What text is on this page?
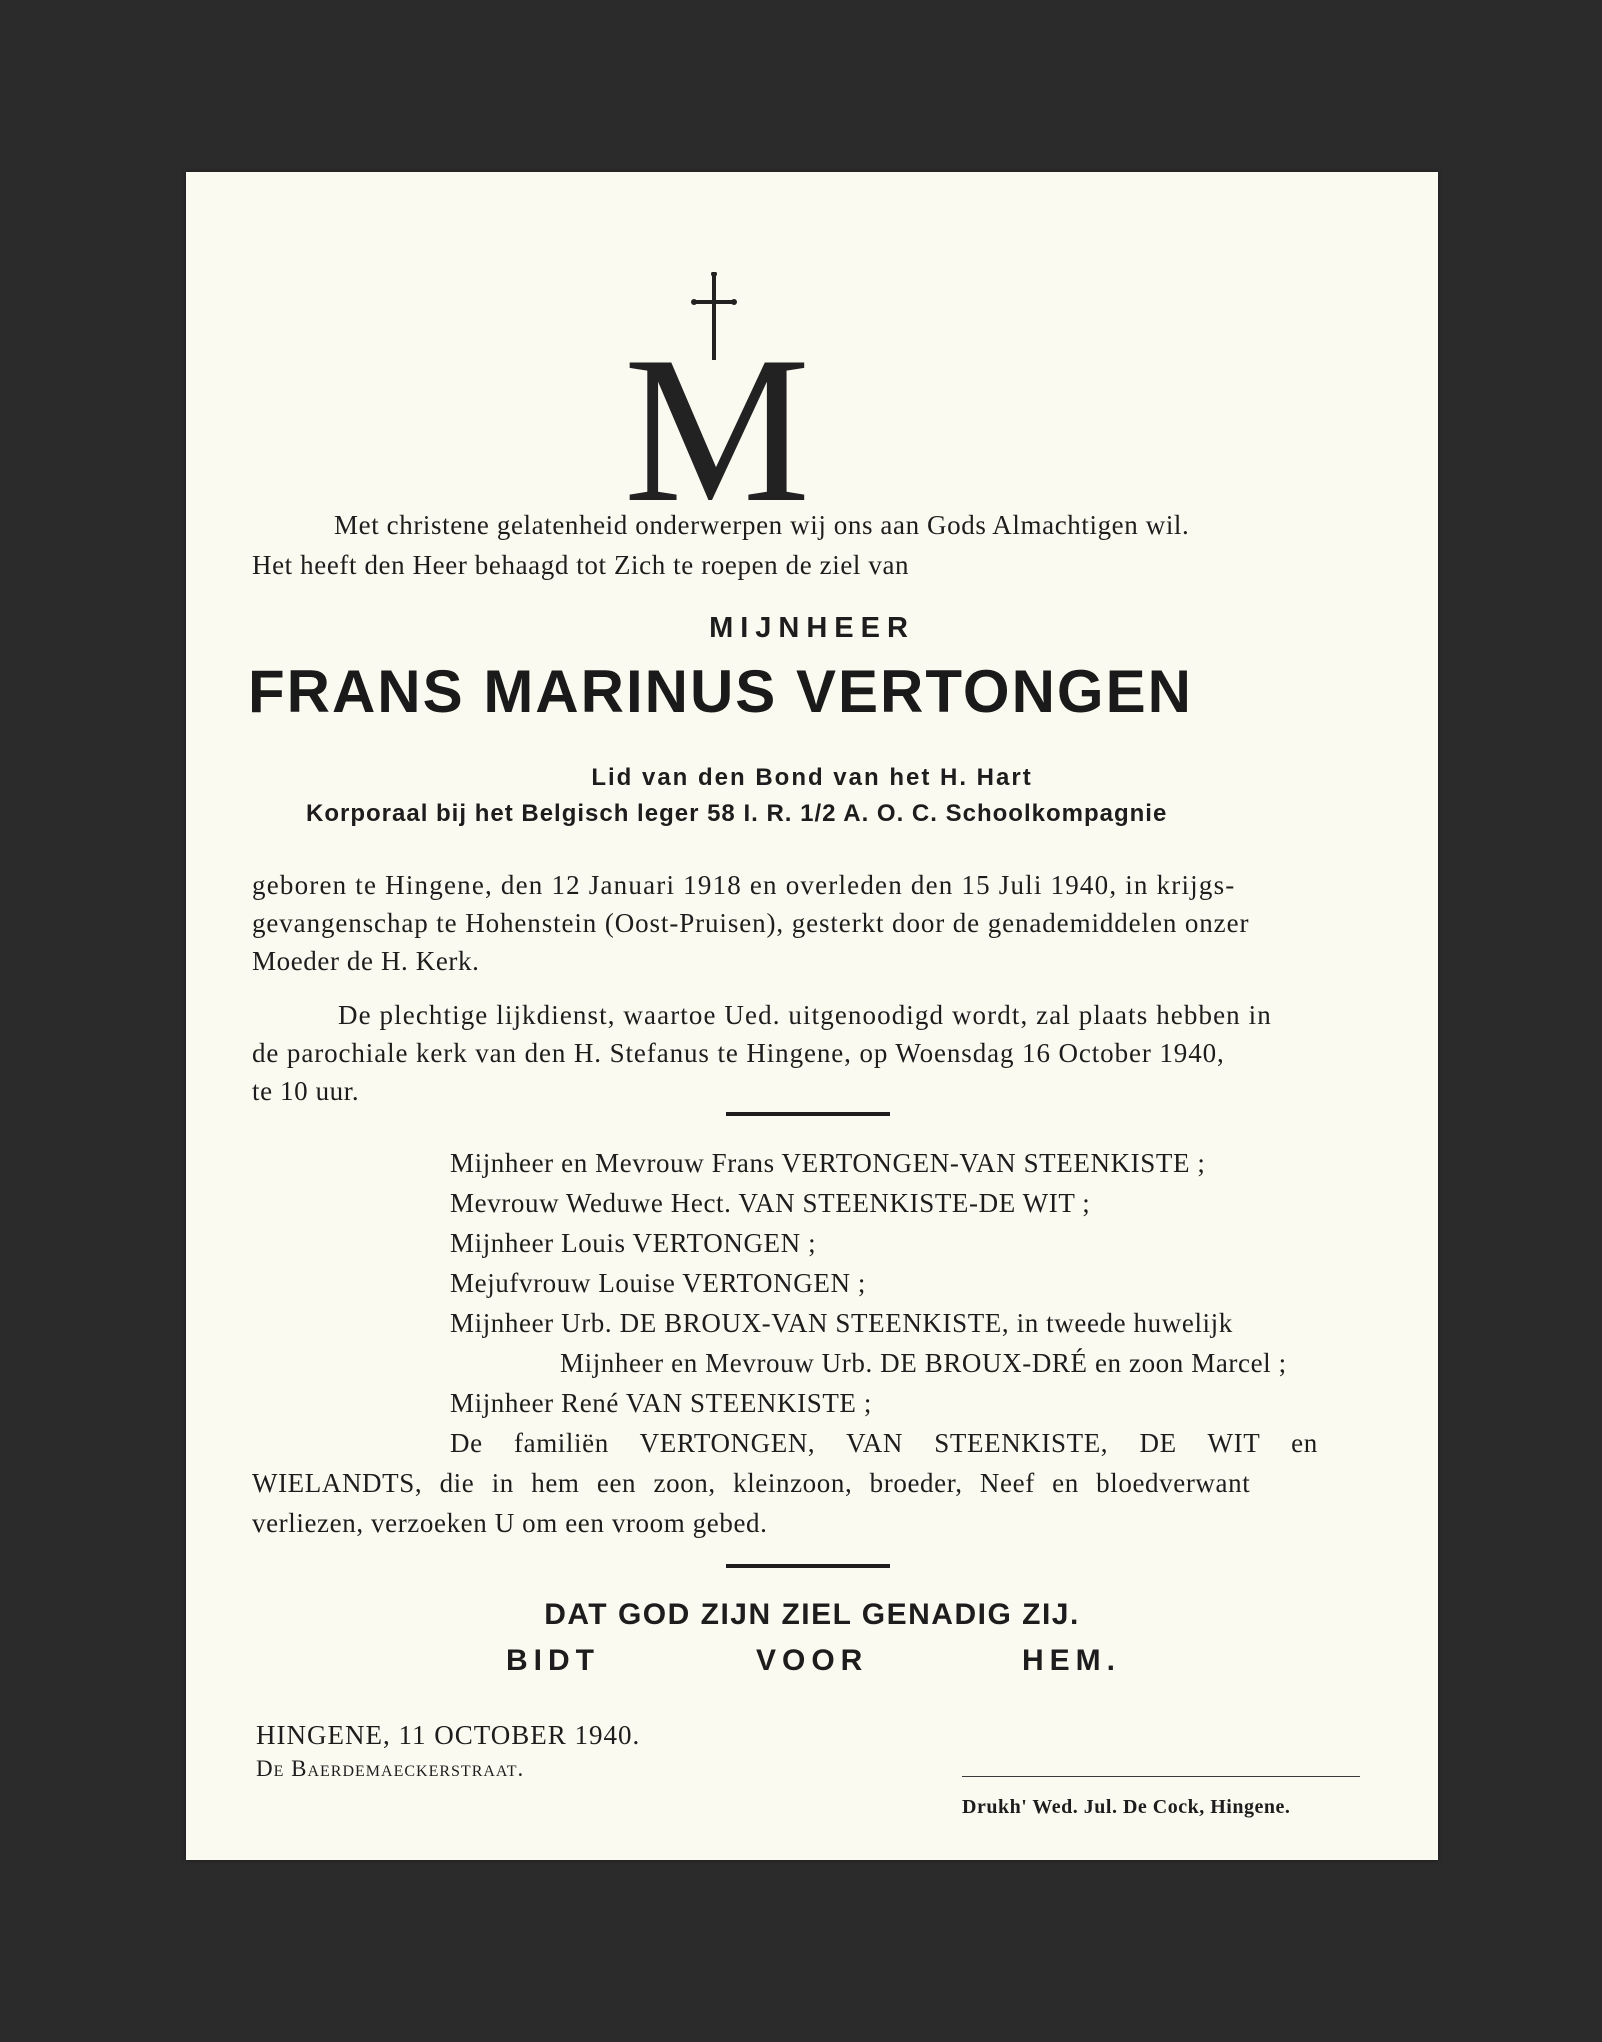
M
Met christene gelatenheid onderwerpen wij ons aan Gods Almachtigen wil.
Het heeft den Heer behaagd tot Zich te roepen de ziel van
MIJNHEER
FRANS MARINUS VERTONGEN
Lid van den Bond van het H. Hart
Korporaal bij het Belgisch leger 58 I. R. 1/2 A. O. C. Schoolkompagnie
geboren te Hingene, den 12 Januari 1918 en overleden den 15 Juli 1940, in krijgs-
gevangenschap te Hohenstein (Oost-Pruisen), gesterkt door de genademiddelen onzer
Moeder de H. Kerk.
De plechtige lijkdienst, waartoe Ued. uitgenoodigd wordt, zal plaats hebben in
de parochiale kerk van den H. Stefanus te Hingene, op Woensdag 16 October 1940,
te 10 uur.
Mijnheer en Mevrouw Frans VERTONGEN-VAN STEENKISTE ;
Mevrouw Weduwe Hect. VAN STEENKISTE-DE WIT ;
Mijnheer Louis VERTONGEN ;
Mejufvrouw Louise VERTONGEN ;
Mijnheer Urb. DE BROUX-VAN STEENKISTE, in tweede huwelijk
Mijnheer en Mevrouw Urb. DE BROUX-DRÉ en zoon Marcel ;
Mijnheer René VAN STEENKISTE ;
De familiën VERTONGEN, VAN STEENKISTE, DE WIT en
WIELANDTS, die in hem een zoon, kleinzoon, broeder, Neef en bloedverwant
verliezen, verzoeken U om een vroom gebed.
DAT GOD ZIJN ZIEL GENADIG ZIJ.
BIDT	VOOR	HEM.
HINGENE, 11 OCTOBER 1940.
De Baerdemaeckerstraat.
Drukh' Wed. Jul. De Cock, Hingene.
